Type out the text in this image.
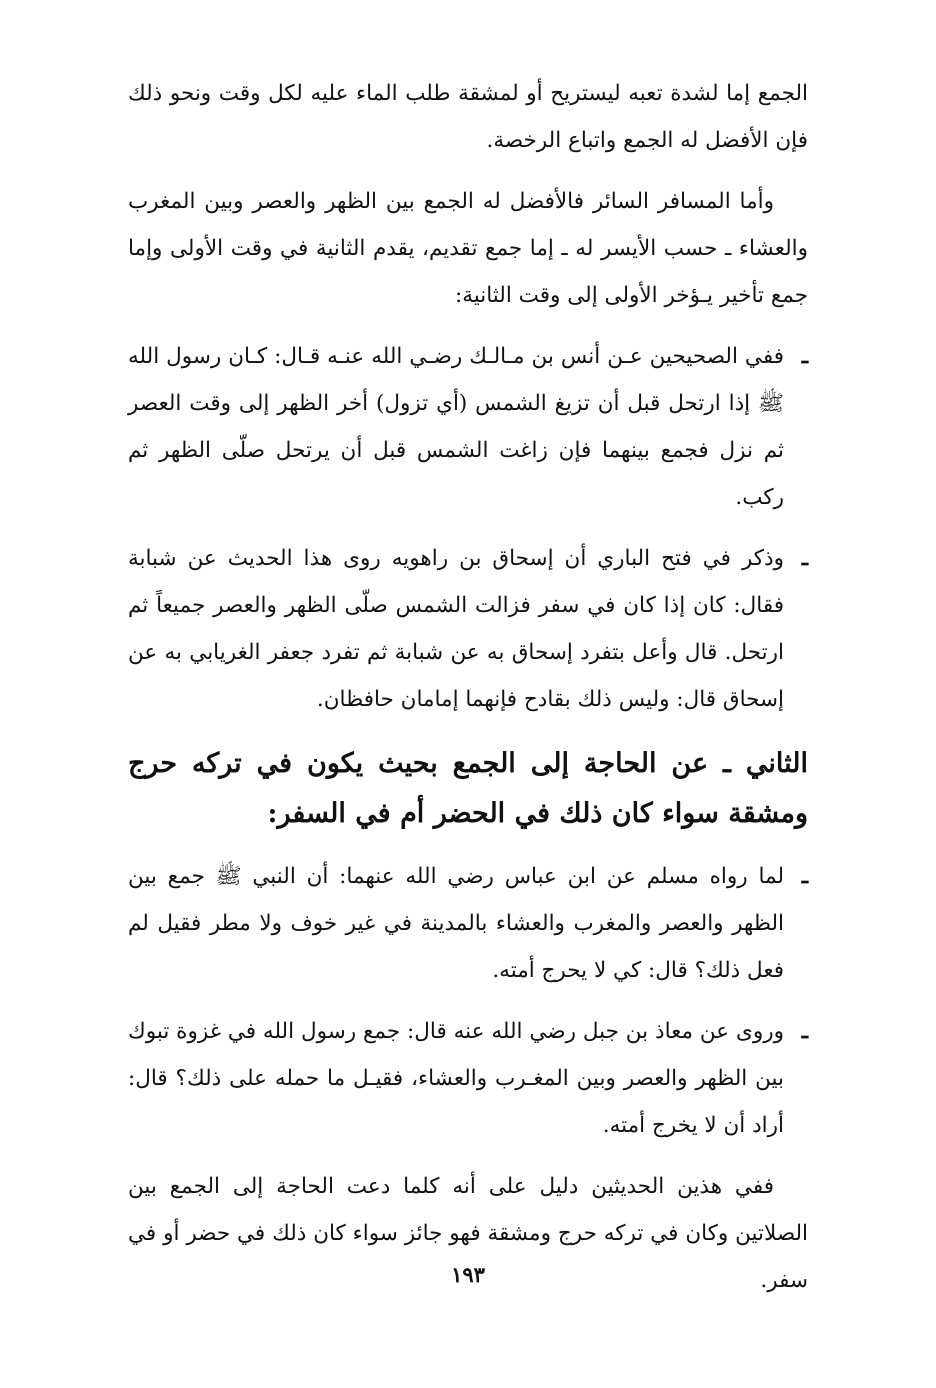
الجمع إما لشدة تعبه ليستريح أو لمشقة طلب الماء عليه لكل وقت ونحو ذلك فإن الأفضل له الجمع واتباع الرخصة.

وأما المسافر السائر فالأفضل له الجمع بين الظهر والعصر وبين المغرب والعشاء ـ حسب الأيسر له ـ إما جمع تقديم، يقدم الثانية في وقت الأولى وإما جمع تأخير يـؤخر الأولى إلى وقت الثانية:

ـ
ففي الصحيحين عـن أنس بن مـالـك رضـي الله عنـه قـال: كـان رسول الله ﷺ إذا ارتحل قبل أن تزيغ الشمس (أي تزول) أخر الظهر إلى وقت العصر ثم نزل فجمع بينهما فإن زاغت الشمس قبل أن يرتحل صلّى الظهر ثم ركب.
ـ
وذكر في فتح الباري أن إسحاق بن راهويه روى هذا الحديث عن شبابة فقال: كان إذا كان في سفر فزالت الشمس صلّى الظهر والعصر جميعاً ثم ارتحل. قال وأعل بتفرد إسحاق به عن شبابة ثم تفرد جعفر الغريابي به عن إسحاق قال: وليس ذلك بقادح فإنهما إمامان حافظان.

الثاني ـ عن الحاجة إلى الجمع بحيث يكون في تركه حرج ومشقة سواء كان ذلك في الحضر أم في السفر:

ـ
لما رواه مسلم عن ابن عباس رضي الله عنهما: أن النبي ﷺ جمع بين الظهر والعصر والمغرب والعشاء بالمدينة في غير خوف ولا مطر فقيل لم فعل ذلك؟ قال: كي لا يحرج أمته.
ـ
وروى عن معاذ بن جبل رضي الله عنه قال: جمع رسول الله في غزوة تبوك بين الظهر والعصر وبين المغـرب والعشاء، فقيـل ما حمله على ذلك؟ قال: أراد أن لا يخرج أمته.

ففي هذين الحديثين دليل على أنه كلما دعت الحاجة إلى الجمع بين الصلاتين وكان في تركه حرج ومشقة فهو جائز سواء كان ذلك في حضر أو في سفر.

١٩٣
